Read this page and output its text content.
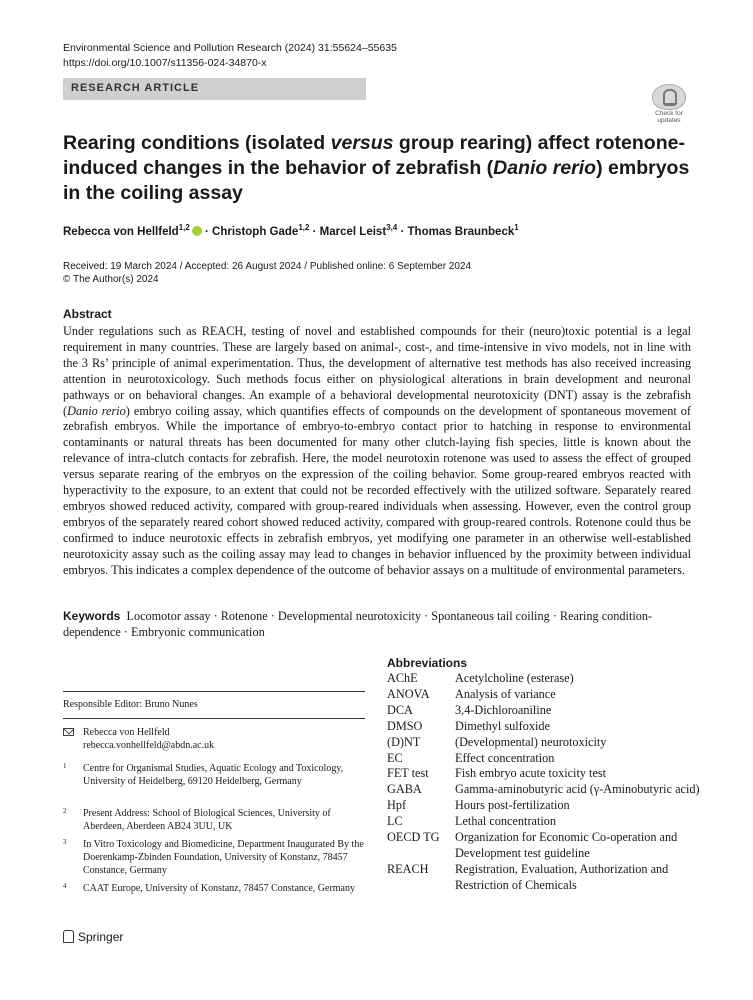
Environmental Science and Pollution Research (2024) 31:55624–55635
https://doi.org/10.1007/s11356-024-34870-x
RESEARCH ARTICLE
Check for updates
Rearing conditions (isolated versus group rearing) affect rotenone-induced changes in the behavior of zebrafish (Danio rerio) embryos in the coiling assay
Rebecca von Hellfeld$^{1,2}$ · Christoph Gade$^{1,2}$ · Marcel Leist$^{3,4}$ · Thomas Braunbeck$^1$
Received: 19 March 2024 / Accepted: 26 August 2024 / Published online: 6 September 2024
© The Author(s) 2024
Abstract
Under regulations such as REACH, testing of novel and established compounds for their (neuro)toxic potential is a legal requirement in many countries. These are largely based on animal-, cost-, and time-intensive in vivo models, not in line with the 3 Rs’ principle of animal experimentation. Thus, the development of alternative test methods has also received increasing attention in neurotoxicology. Such methods focus either on physiological alterations in brain development and neuronal pathways or on behavioral changes. An example of a behavioral developmental neurotoxicity (DNT) assay is the zebrafish (Danio rerio) embryo coiling assay, which quantifies effects of compounds on the development of spontaneous movement of zebrafish embryos. While the importance of embryo-to-embryo contact prior to hatching in response to environmental contaminants or natural threats has been documented for many other clutch-laying fish species, little is known about the relevance of intra-clutch contacts for zebrafish. Here, the model neurotoxin rotenone was used to assess the effect of grouped versus separate rearing of the embryos on the expression of the coiling behavior. Some group-reared embryos reacted with hyperactivity to the exposure, to an extent that could not be recorded effectively with the utilized software. Separately reared embryos showed reduced activity, compared with group-reared individuals when assessing. However, even the control group embryos of the separately reared cohort showed reduced activity, compared with group-reared controls. Rotenone could thus be confirmed to induce neurotoxic effects in zebrafish embryos, yet modifying one parameter in an otherwise well-established neurotoxicity assay such as the coiling assay may lead to changes in behavior influenced by the proximity between individual embryos. This indicates a complex dependence of the outcome of behavior assays on a multitude of environmental parameters.
Keywords Locomotor assay · Rotenone · Developmental neurotoxicity · Spontaneous tail coiling · Rearing condition-dependence · Embryonic communication
Responsible Editor: Bruno Nunes
Rebecca von Hellfeld
rebecca.vonhellfeld@abdn.ac.uk
1 Centre for Organismal Studies, Aquatic Ecology and Toxicology, University of Heidelberg, 69120 Heidelberg, Germany
2 Present Address: School of Biological Sciences, University of Aberdeen, Aberdeen AB24 3UU, UK
3 In Vitro Toxicology and Biomedicine, Department Inaugurated By the Doerenkamp-Zbinden Foundation, University of Konstanz, 78457 Constance, Germany
4 CAAT Europe, University of Konstanz, 78457 Constance, Germany
Abbreviations
AChE	Acetylcholine (esterase)
ANOVA	Analysis of variance
DCA	3,4-Dichloroaniline
DMSO	Dimethyl sulfoxide
(D)NT	(Developmental) neurotoxicity
EC	Effect concentration
FET test	Fish embryo acute toxicity test
GABA	Gamma-aminobutyric acid (γ-Aminobutyric acid)
Hpf	Hours post-fertilization
LC	Lethal concentration
OECD TG	Organization for Economic Co-operation and Development test guideline
REACH	Registration, Evaluation, Authorization and Restriction of Chemicals
Springer
